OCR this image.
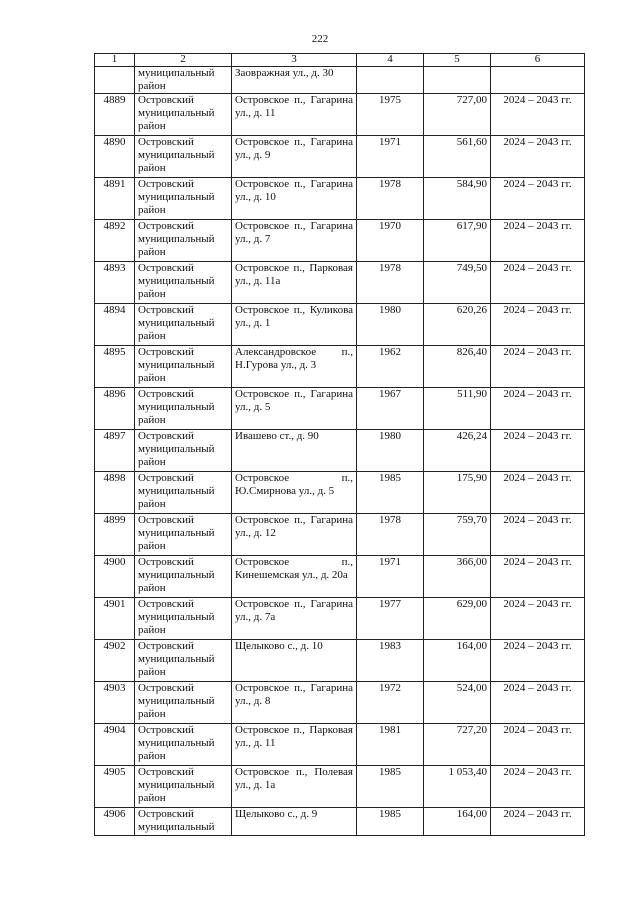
222
1	2	3	4	5	6
	муниципальный район	Заовражная ул., д. 30			
4889	Островский муниципальный район	Островское п., Гагарина ул., д. 11	1975	727,00	2024 – 2043 гг.
4890	Островский муниципальный район	Островское п., Гагарина ул., д. 9	1971	561,60	2024 – 2043 гг.
4891	Островский муниципальный район	Островское п., Гагарина ул., д. 10	1978	584,90	2024 – 2043 гг.
4892	Островский муниципальный район	Островское п., Гагарина ул., д. 7	1970	617,90	2024 – 2043 гг.
4893	Островский муниципальный район	Островское п., Парковая ул., д. 11а	1978	749,50	2024 – 2043 гг.
4894	Островский муниципальный район	Островское п., Куликова ул., д. 1	1980	620,26	2024 – 2043 гг.
4895	Островский муниципальный район	Александровское п., Н.Гурова ул., д. 3	1962	826,40	2024 – 2043 гг.
4896	Островский муниципальный район	Островское п., Гагарина ул., д. 5	1967	511,90	2024 – 2043 гг.
4897	Островский муниципальный район	Ивашево ст., д. 90	1980	426,24	2024 – 2043 гг.
4898	Островский муниципальный район	Островское п., Ю.Смирнова ул., д. 5	1985	175,90	2024 – 2043 гг.
4899	Островский муниципальный район	Островское п., Гагарина ул., д. 12	1978	759,70	2024 – 2043 гг.
4900	Островский муниципальный район	Островское п., Кинешемская ул., д. 20а	1971	366,00	2024 – 2043 гг.
4901	Островский муниципальный район	Островское п., Гагарина ул., д. 7а	1977	629,00	2024 – 2043 гг.
4902	Островский муниципальный район	Щелыково с., д. 10	1983	164,00	2024 – 2043 гг.
4903	Островский муниципальный район	Островское п., Гагарина ул., д. 8	1972	524,00	2024 – 2043 гг.
4904	Островский муниципальный район	Островское п., Парковая ул., д. 11	1981	727,20	2024 – 2043 гг.
4905	Островский муниципальный район	Островское п., Полевая ул., д. 1а	1985	1 053,40	2024 – 2043 гг.
4906	Островский муниципальный	Щелыково с., д. 9	1985	164,00	2024 – 2043 гг.
